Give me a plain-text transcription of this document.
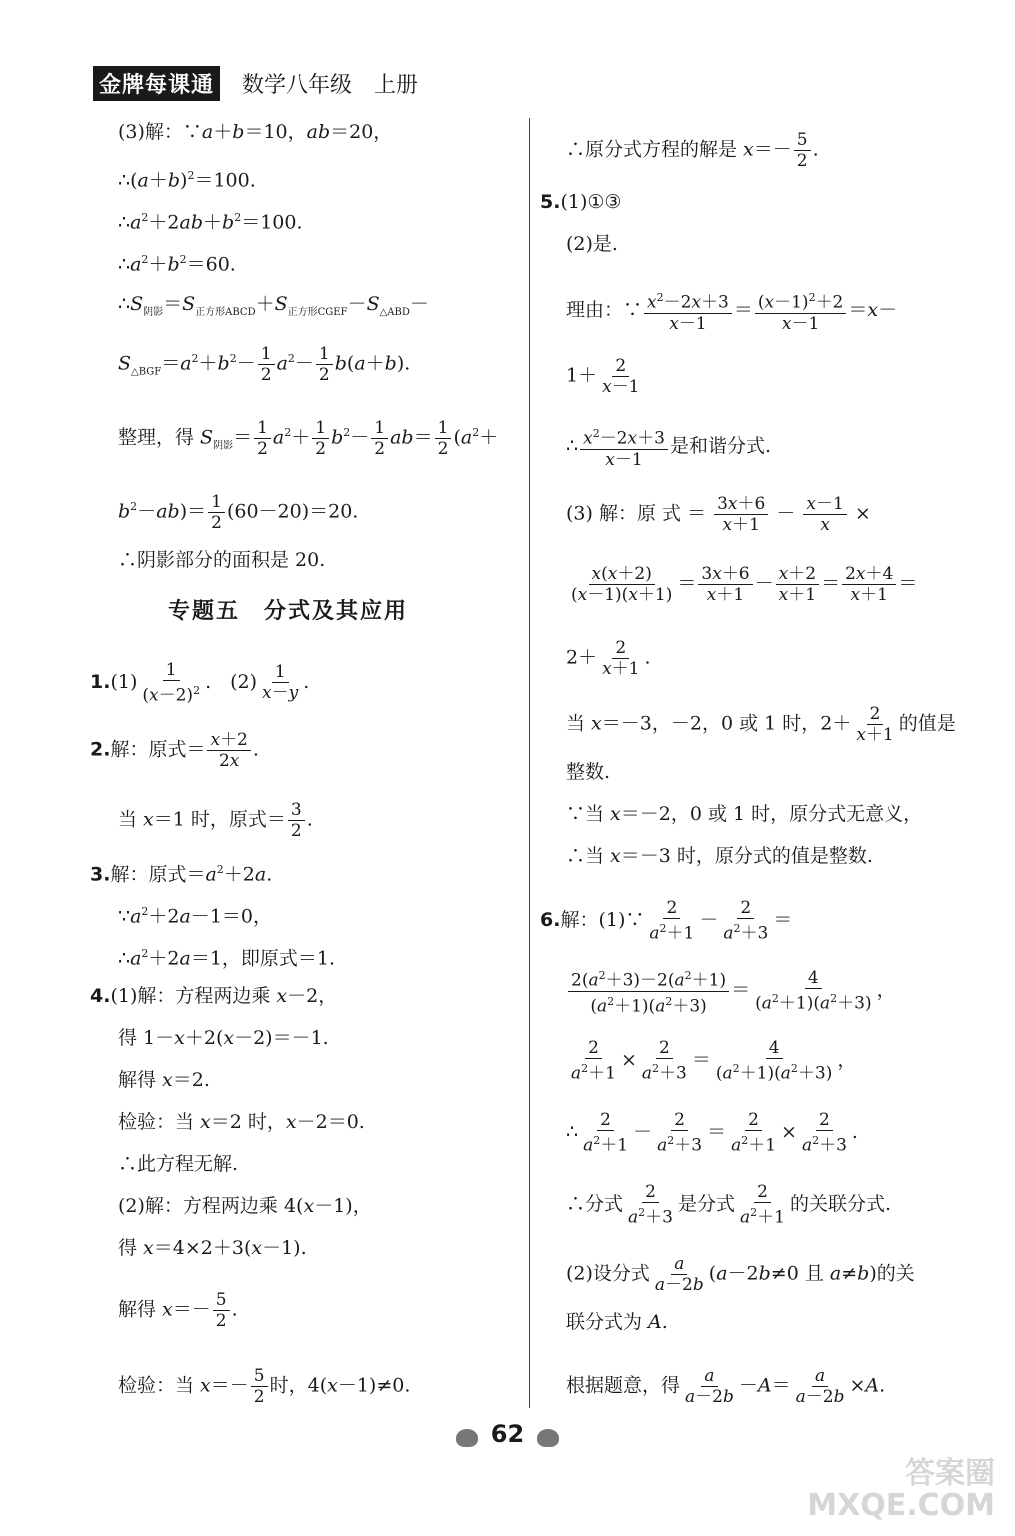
金牌每课通 数学八年级　上册
(3)解：∵a＋b＝10，ab＝20，
$\therefore(a+b)^2=100$.
$\therefore a^2+2ab+b^2=100$.
$\therefore a^2+b^2=60$.
$\therefore S_{阴影}=S_{正方形ABCD}+S_{正方形CGEF}-S_{\triangle ABD}-$
$S_{\triangle BGF}=a^2+b^2- \frac{1}{2} a^2- \frac{1}{2} b(a+b)$.
整理，得 $S_{阴影}= \frac{1}{2} a^2+ \frac{1}{2} b^2- \frac{1}{2} ab= \frac{1}{2} (a^2+$
$b^2-ab)= \frac{1}{2} (60-20)=20$.
∴阴影部分的面积是 20.
专题五　分式及其应用
$1.(1) \frac{1}{(x-2)^2}$ .　$(2) \frac{1}{x-y}$ .
2.解：原式＝ $\frac{x+2}{2x}$ .
当 x＝1 时，原式＝ $\frac{3}{2}$ .
3.解：原式$=a^2+2a$.
$\because a^2+2a-1=0$，
$\therefore a^2+2a=1$，即原式＝1.
4.(1)解：方程两边乘 x－2，
得 1－x＋2(x－2)＝－1.
解得 x＝2.
检验：当 x＝2 时，x－2＝0.
∴此方程无解.
(2)解：方程两边乘 4(x－1)，
得 x＝4×2＋3(x－1).
解得 $x=- \frac{5}{2}$ .
检验：当 $x=- \frac{5}{2}$ 时，4(x－1)≠0.
∴原分式方程的解是 $x=- \frac{5}{2}$ .
5.(1)①③
(2)是.
理由：∵ $\frac{x^2-2x+3}{x-1} = \frac{(x-1)^2+2}{x-1} =x-$
$1+ \frac{2}{x-1}$
∴ $\frac{x^2-2x+3}{x-1}$ 是和谐分式.
(3) 解：原 式 ＝ $\frac{3x+6}{x+1} - \frac{x-1}{x}$ ×
$\frac{x(x+2)}{(x-1)(x+1)} = \frac{3x+6}{x+1} - \frac{x+2}{x+1} = \frac{2x+4}{x+1}$ ＝
$2+ \frac{2}{x+1}$ .
当 x＝－3，－2，0 或 1 时，$2+ \frac{2}{x+1}$ 的值是
整数.
∵当 x＝－2，0 或 1 时，原分式无意义，
∴当 x＝－3 时，原分式的值是整数.
6.解：(1)∵ $\frac{2}{a^2+1} - \frac{2}{a^2+3}$ ＝
$\frac{2(a^2+3)-2(a^2+1)}{(a^2+1)(a^2+3)} = \frac{4}{(a^2+1)(a^2+3)}$ ，
$\frac{2}{a^2+1} \times \frac{2}{a^2+3} = \frac{4}{(a^2+1)(a^2+3)}$ ，
∴ $\frac{2}{a^2+1} - \frac{2}{a^2+3} = \frac{2}{a^2+1} \times \frac{2}{a^2+3}$ .
∴分式 $\frac{2}{a^2+3}$ 是分式 $\frac{2}{a^2+1}$ 的关联分式.
(2)设分式 $\frac{a}{a-2b} (a-2b\ne 0$ 且 a≠b)的关
联分式为 A.
根据题意，得 $\frac{a}{a-2b} -A= \frac{a}{a-2b} \times A$.
62
答案圈
MXQE.COM
